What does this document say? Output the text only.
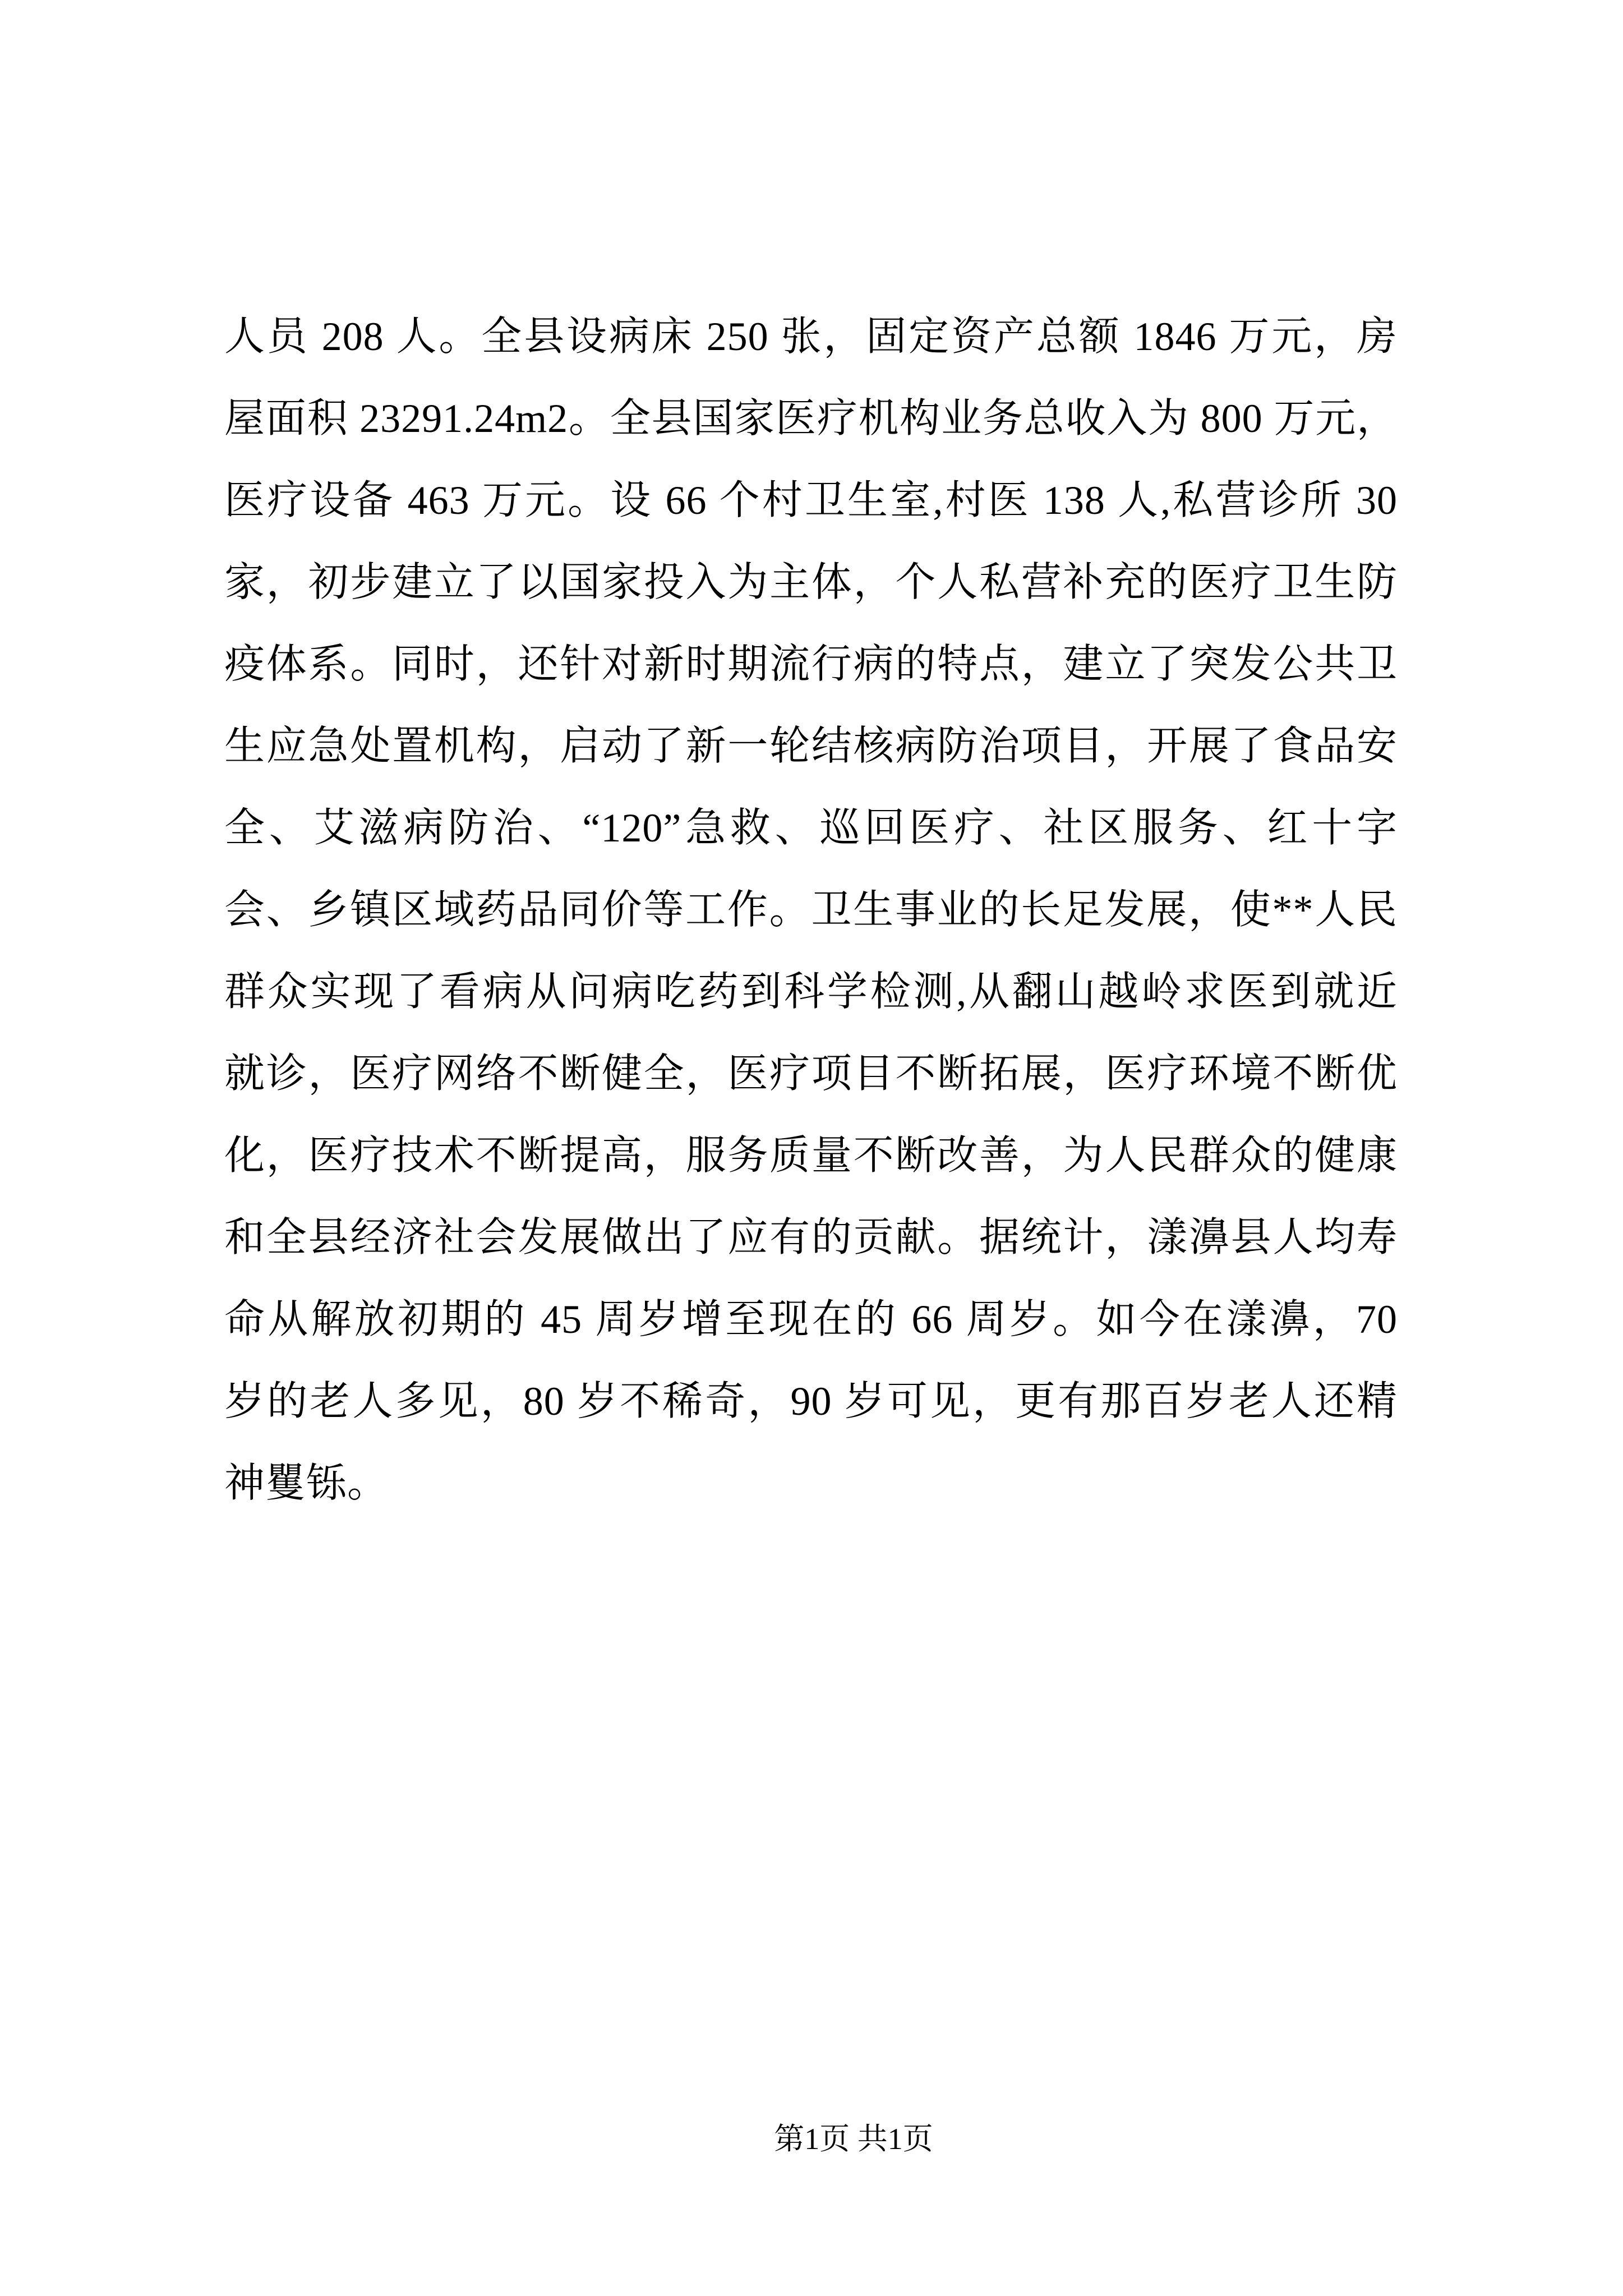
人员 208 人。全县设病床 250 张，固定资产总额 1846 万元，房
屋面积 23291.24m2。全县国家医疗机构业务总收入为 800 万元，
医疗设备 463 万元。设 66 个村卫生室,村医 138 人,私营诊所 30
家，初步建立了以国家投入为主体，个人私营补充的医疗卫生防
疫体系。同时，还针对新时期流行病的特点，建立了突发公共卫
生应急处置机构，启动了新一轮结核病防治项目，开展了食品安
全、艾滋病防治、“120”急救、巡回医疗、社区服务、红十字
会、乡镇区域药品同价等工作。卫生事业的长足发展，使**人民
群众实现了看病从问病吃药到科学检测,从翻山越岭求医到就近
就诊，医疗网络不断健全，医疗项目不断拓展，医疗环境不断优
化，医疗技术不断提高，服务质量不断改善，为人民群众的健康
和全县经济社会发展做出了应有的贡献。据统计，漾濞县人均寿
命从解放初期的 45 周岁增至现在的 66 周岁。如今在漾濞，70
岁的老人多见，80 岁不稀奇，90 岁可见，更有那百岁老人还精
神矍铄。
第1页 共1页
